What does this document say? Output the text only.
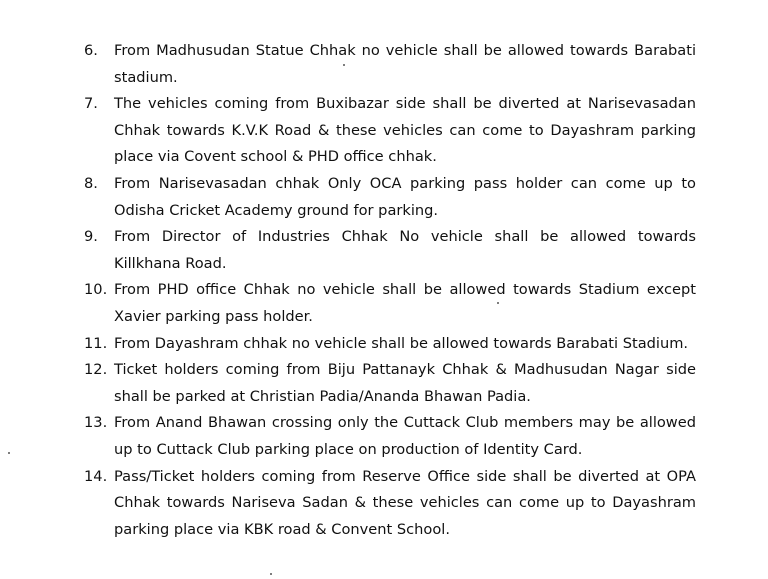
6.	From Madhusudan Statue Chhak no vehicle shall be allowed towards Barabati stadium.
7.	The vehicles coming from Buxibazar side shall be diverted at Narisevasadan Chhak towards K.V.K Road & these vehicles can come to Dayashram parking place via Covent school & PHD office chhak.
8.	From Narisevasadan chhak Only OCA parking pass holder can come up to Odisha Cricket Academy ground for parking.
9.	From Director of Industries Chhak No vehicle shall be allowed towards Killkhana Road.
10. From PHD office Chhak no vehicle shall be allowed towards Stadium except Xavier parking pass holder.
11. From Dayashram chhak no vehicle shall be allowed towards Barabati Stadium.
12. Ticket holders coming from Biju Pattanayk Chhak & Madhusudan Nagar side shall be parked at Christian Padia/Ananda Bhawan Padia.
13. From Anand Bhawan crossing only the Cuttack Club members may be allowed up to Cuttack Club parking place on production of Identity Card.
14. Pass/Ticket holders coming from Reserve Office side shall be diverted at OPA Chhak towards Nariseva Sadan & these vehicles can come up to Dayashram parking place via KBK road & Convent School.
